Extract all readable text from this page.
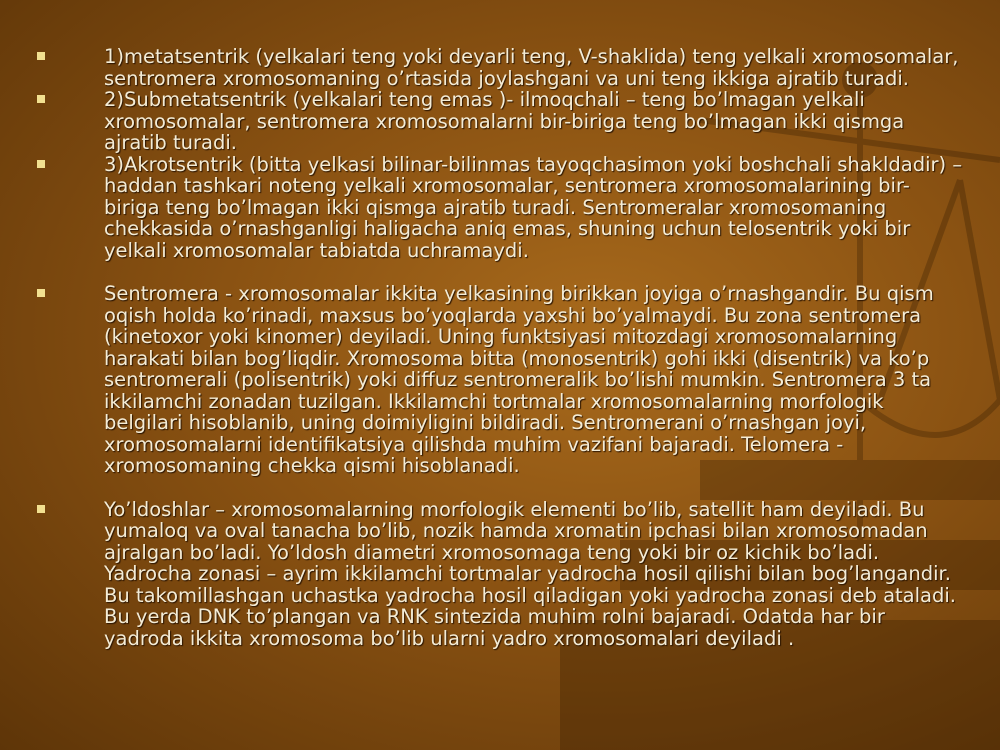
1)metatsentrik (yelkalari teng yoki deyarli teng, V-shaklida) teng yelkali xromosomalar, sentromera xromosomaning o’rtasida joylashgani va uni teng ikkiga ajratib turadi.
2)Submetatsentrik (yelkalari teng emas )- ilmoqchali – teng bo’lmagan yelkali xromosomalar, sentromera xromosomalarni bir-biriga teng bo’lmagan ikki qismga ajratib turadi.
3)Akrotsentrik (bitta yelkasi bilinar-bilinmas tayoqchasimon yoki boshchali shakldadir) – haddan tashkari noteng yelkali xromosomalar, sentromera xromosomalarining bir-biriga teng bo’lmagan ikki qismga ajratib turadi. Sentromeralar xromosomaning chekkasida o’rnashganligi haligacha aniq emas, shuning uchun telosentrik yoki bir yelkali xromosomalar tabiatda uchramaydi.
Sentromera - xromosomalar ikkita yelkasining birikkan joyiga o’rnashgandir. Bu qism oqish holda ko’rinadi, maxsus bo’yoqlarda yaxshi bo’yalmaydi. Bu zona sentromera (kinetoxor yoki kinomer) deyiladi. Uning funktsiyasi mitozdagi xromosomalarning harakati bilan bog’liqdir. Xromosoma bitta (monosentrik) gohi ikki (disentrik) va ko’p sentromerali (polisentrik) yoki diffuz sentromeralik bo’lishi mumkin. Sentromera 3 ta ikkilamchi zonadan tuzilgan. Ikkilamchi tortmalar xromosomalarning morfologik belgilari hisoblanib, uning doimiyligini bildiradi. Sentromerani o’rnashgan joyi, xromosomalarni identifikatsiya qilishda muhim vazifani bajaradi. Telomera - xromosomaning chekka qismi hisoblanadi.
Yo’ldoshlar – xromosomalarning morfologik elementi bo’lib, satellit ham deyiladi. Bu yumaloq va oval tanacha bo’lib, nozik hamda xromatin ipchasi bilan xromosomadan ajralgan bo’ladi. Yo’ldosh diametri xromosomaga teng yoki bir oz kichik bo’ladi. Yadrocha zonasi – ayrim ikkilamchi tortmalar yadrocha hosil qilishi bilan bog’langandir. Bu takomillashgan uchastka yadrocha hosil qiladigan yoki yadrocha zonasi deb ataladi. Bu yerda DNK to’plangan va RNK sintezida muhim rolni bajaradi. Odatda har bir yadroda ikkita xromosoma bo’lib ularni yadro xromosomalari deyiladi .
